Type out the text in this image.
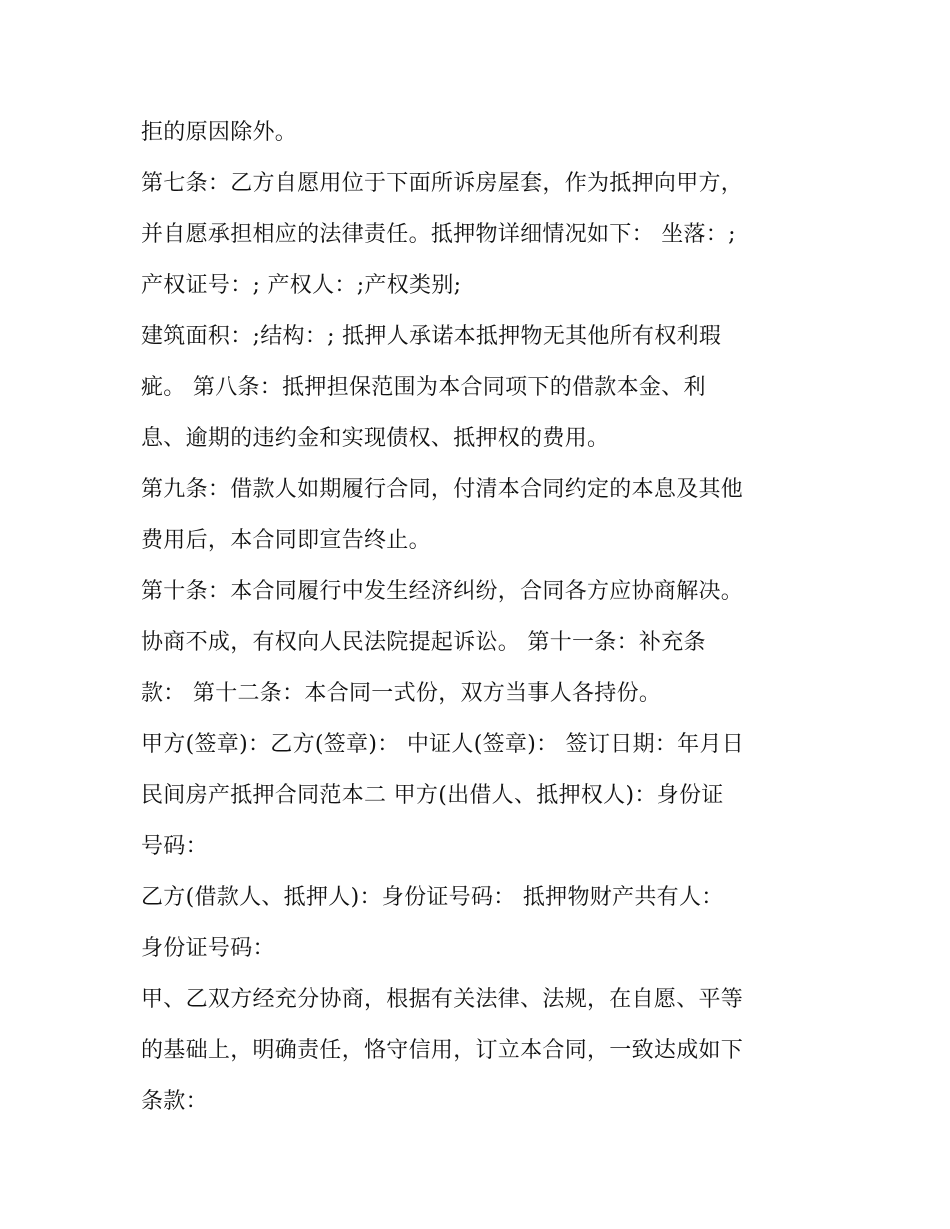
拒的原因除外。
第七条：乙方自愿用位于下面所诉房屋套，作为抵押向甲方，
并自愿承担相应的法律责任。抵押物详细情况如下： 坐落：;
产权证号：; 产权人：;产权类别;
建筑面积：;结构：; 抵押人承诺本抵押物无其他所有权利瑕
疵。 第八条：抵押担保范围为本合同项下的借款本金、利
息、逾期的违约金和实现债权、抵押权的费用。
第九条：借款人如期履行合同，付清本合同约定的本息及其他
费用后，本合同即宣告终止。
第十条：本合同履行中发生经济纠纷，合同各方应协商解决。
协商不成，有权向人民法院提起诉讼。 第十一条：补充条
款： 第十二条：本合同一式份，双方当事人各持份。
甲方(签章)：乙方(签章)： 中证人(签章)： 签订日期：年月日
民间房产抵押合同范本二 甲方(出借人、抵押权人)：身份证
号码：
乙方(借款人、抵押人)：身份证号码： 抵押物财产共有人：
身份证号码：
甲、乙双方经充分协商，根据有关法律、法规，在自愿、平等
的基础上，明确责任，恪守信用，订立本合同，一致达成如下
条款：
